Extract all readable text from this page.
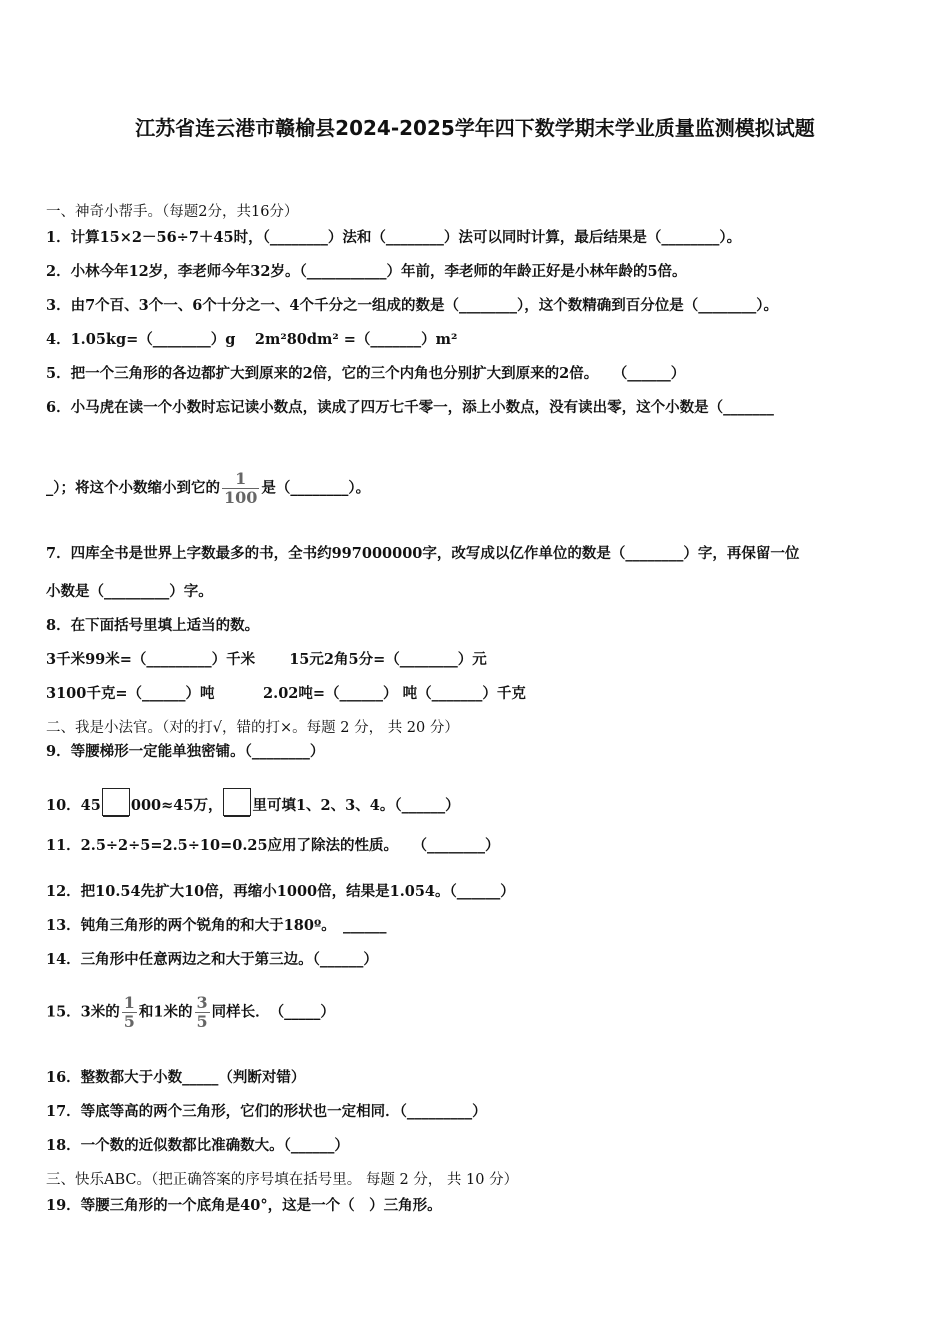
江苏省连云港市赣榆县2024-2025学年四下数学期末学业质量监测模拟试题
一、神奇小帮手。（每题2分，共16分）
1．计算15×2－56÷7＋45时，（________）法和（________）法可以同时计算，最后结果是（________）。
2．小林今年12岁，李老师今年32岁。（___________）年前，李老师的年龄正好是小林年龄的5倍。
3．由7个百、3个一、6个十分之一、4个千分之一组成的数是（________），这个数精确到百分位是（________）。
4．1.05kg=（________）g　 2m²80dm² =（_______）m²
5．把一个三角形的各边都扩大到原来的2倍，它的三个内角也分别扩大到原来的2倍。　　（______）
6．小马虎在读一个小数时忘记读小数点，读成了四万七千零一，添上小数点，没有读出零，这个小数是（_______
_）；将这个小数缩小到它的 $\frac{1}{100}$ 是（________）。
7．四库全书是世界上字数最多的书，全书约997000000字，改写成以亿作单位的数是（________）字，再保留一位
小数是（_________）字。
8．在下面括号里填上适当的数。
3千米99米=（_________）千米　　 15元2角5分=（________）元
3100千克=（______）吨　　　 2.02吨=（______） 吨（_______）千克
二、我是小法官。（对的打√，错的打×。每题 2 分， 共 20 分）
9．等腰梯形一定能单独密铺。（________）
10．45 000≈45万， 里可填1、2、3、4。（______）
11．2.5÷2÷5=2.5÷10=0.25应用了除法的性质。　　（________）
12．把10.54先扩大10倍，再缩小1000倍，结果是1.054。（______）
13．钝角三角形的两个锐角的和大于180º。　______
14．三角形中任意两边之和大于第三边。（______）
15．3米的 $\frac{1}{5}$ 和1米的 $\frac{3}{5}$ 同样长．　（_____）
16．整数都大于小数_____（判断对错）
17．等底等高的两个三角形，它们的形状也一定相同．（_________）
18．一个数的近似数都比准确数大。（______）
三、快乐ABC。（把正确答案的序号填在括号里。 每题 2 分， 共 10 分）
19．等腰三角形的一个底角是40°，这是一个（　）三角形。
